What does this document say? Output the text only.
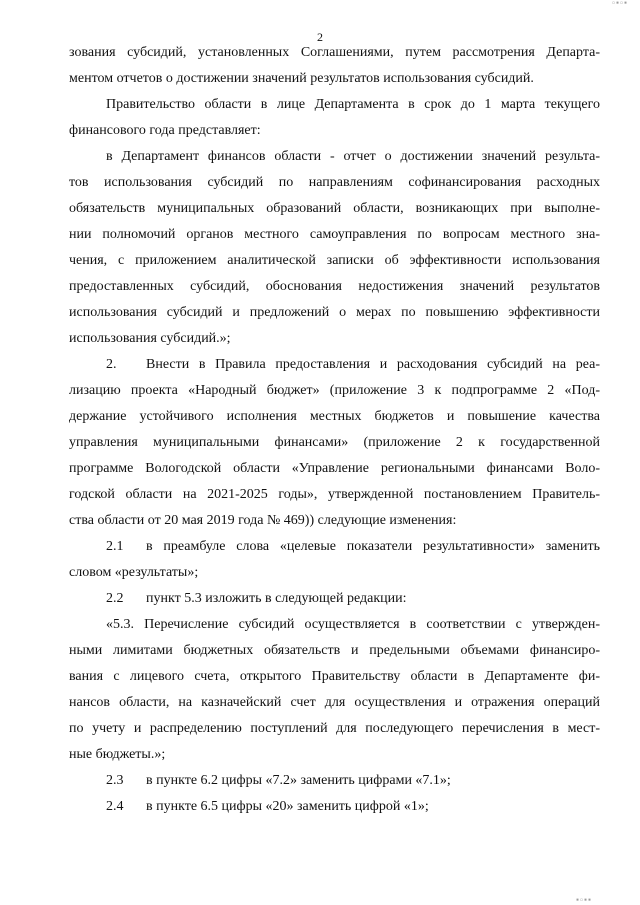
▫▪▫▪
2
зования субсидий, установленных Соглашениями, путем рассмотрения Департа-
ментом отчетов о достижении значений результатов использования субсидий.
Правительство области в лице Департамента в срок до 1 марта текущего
финансового года представляет:
в Департамент финансов области - отчет о достижении значений результа-
тов использования субсидий по направлениям софинансирования расходных
обязательств муниципальных образований области, возникающих при выполне-
нии полномочий органов местного самоуправления по вопросам местного зна-
чения, с приложением аналитической записки об эффективности использования
предоставленных субсидий, обоснования недостижения значений результатов
использования субсидий и предложений о мерах по повышению эффективности
использования субсидий.»;
2. Внести в Правила предоставления и расходования субсидий на реа-
лизацию проекта «Народный бюджет» (приложение 3 к подпрограмме 2 «Под-
держание устойчивого исполнения местных бюджетов и повышение качества
управления муниципальными финансами» (приложение 2 к государственной
программе Вологодской области «Управление региональными финансами Воло-
годской области на 2021-2025 годы», утвержденной постановлением Правитель-
ства области от 20 мая 2019 года № 469)) следующие изменения:
2.1 в преамбуле слова «целевые показатели результативности» заменить
словом «результаты»;
2.2 пункт 5.3 изложить в следующей редакции:
«5.3. Перечисление субсидий осуществляется в соответствии с утвержден-
ными лимитами бюджетных обязательств и предельными объемами финансиро-
вания с лицевого счета, открытого Правительству области в Департаменте фи-
нансов области, на казначейский счет для осуществления и отражения операций
по учету и распределению поступлений для последующего перечисления в мест-
ные бюджеты.»;
2.3 в пункте 6.2 цифры «7.2» заменить цифрами «7.1»;
2.4 в пункте 6.5 цифры «20» заменить цифрой «1»;
▪▫▪▪
